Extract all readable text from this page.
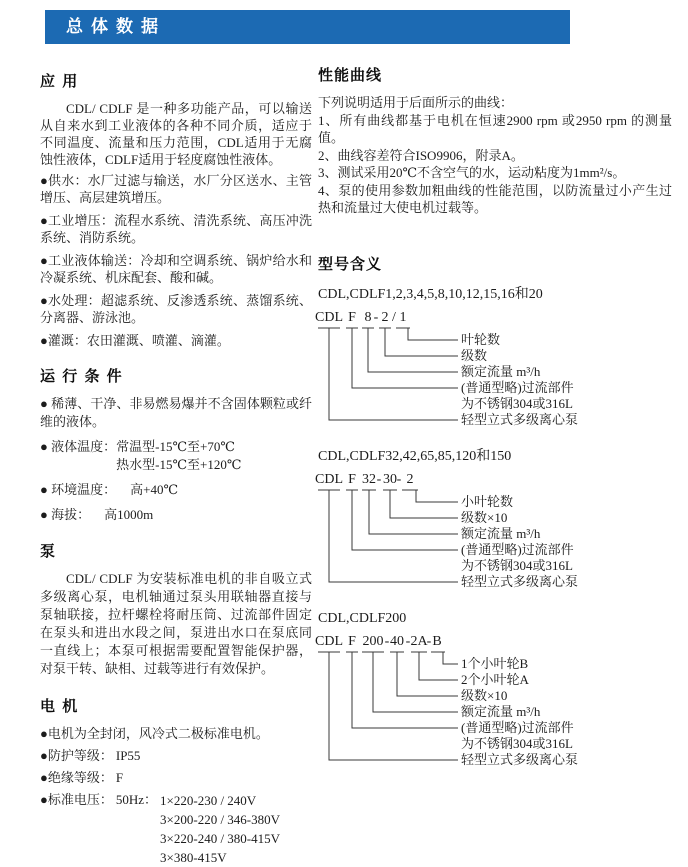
总体数据
应 用

CDL/ CDLF 是一种多功能产品，可以输送从自来水到工业液体的各种不同介质，适应于不同温度、流量和压力范围，CDL适用于无腐蚀性液体，CDLF适用于轻度腐蚀性液体。

●供水：水厂过滤与输送，水厂分区送水、主管增压、高层建筑增压。

●工业增压：流程水系统、清洗系统、高压冲洗系统、消防系统。

●工业液体输送：冷却和空调系统、锅炉给水和冷凝系统、机床配套、酸和碱。

●水处理：超滤系统、反渗透系统、蒸馏系统、分离器、游泳池。

●灌溉：农田灌溉、喷灌、滴灌。

运 行 条 件

● 稀薄、干净、非易燃易爆并不含固体颗粒或纤维的液体。

● 液体温度： 常温型-15℃至+70℃
热水型-15℃至+120℃
● 环境温度： 高+40℃
● 海拔： 高1000m
泵

CDL/ CDLF 为安装标准电机的非自吸立式多级离心泵，电机轴通过泵头用联轴器直接与泵轴联接，拉杆螺栓将耐压筒、过流部件固定在泵头和进出水段之间，泵进出水口在泵底同一直线上；本泵可根据需要配置智能保护器，对泵干转、缺相、过载等进行有效保护。

电 机

●电机为全封闭，风冷式二极标准电机。

●防护等级： IP55

●绝缘等级： F

●标准电压： 50Hz： 1×220-230 / 240V
3×200-220 / 346-380V
3×220-240 / 380-415V
3×380-415V
性能曲线

下列说明适用于后面所示的曲线：

1、所有曲线都基于电机在恒速2900 rpm 或2950 rpm 的测量值。

2、曲线容差符合ISO9906，附录A。

3、测试采用20℃不含空气的水，运动粘度为1mm²/s。

4、泵的使用参数加粗曲线的性能范围，以防流量过小产生过热和流量过大使电机过载等。

型号含义

CDL,CDLF1,2,3,4,5,8,10,12,15,16和20

CDL F 8 - 2 / 1
叶轮数
级数
额定流量 m³/h
(普通型略)过流部件
为不锈钢304或316L
轻型立式多级离心泵

CDL,CDLF32,42,65,85,120和150

CDL F 32 - 30 - 2
小叶轮数
级数×10
额定流量 m³/h
(普通型略)过流部件
为不锈钢304或316L
轻型立式多级离心泵

CDL,CDLF200

CDL F 200 - 40 - 2A - B
1个小叶轮B
2个小叶轮A
级数×10
额定流量 m³/h
(普通型略)过流部件
为不锈钢304或316L
轻型立式多级离心泵
